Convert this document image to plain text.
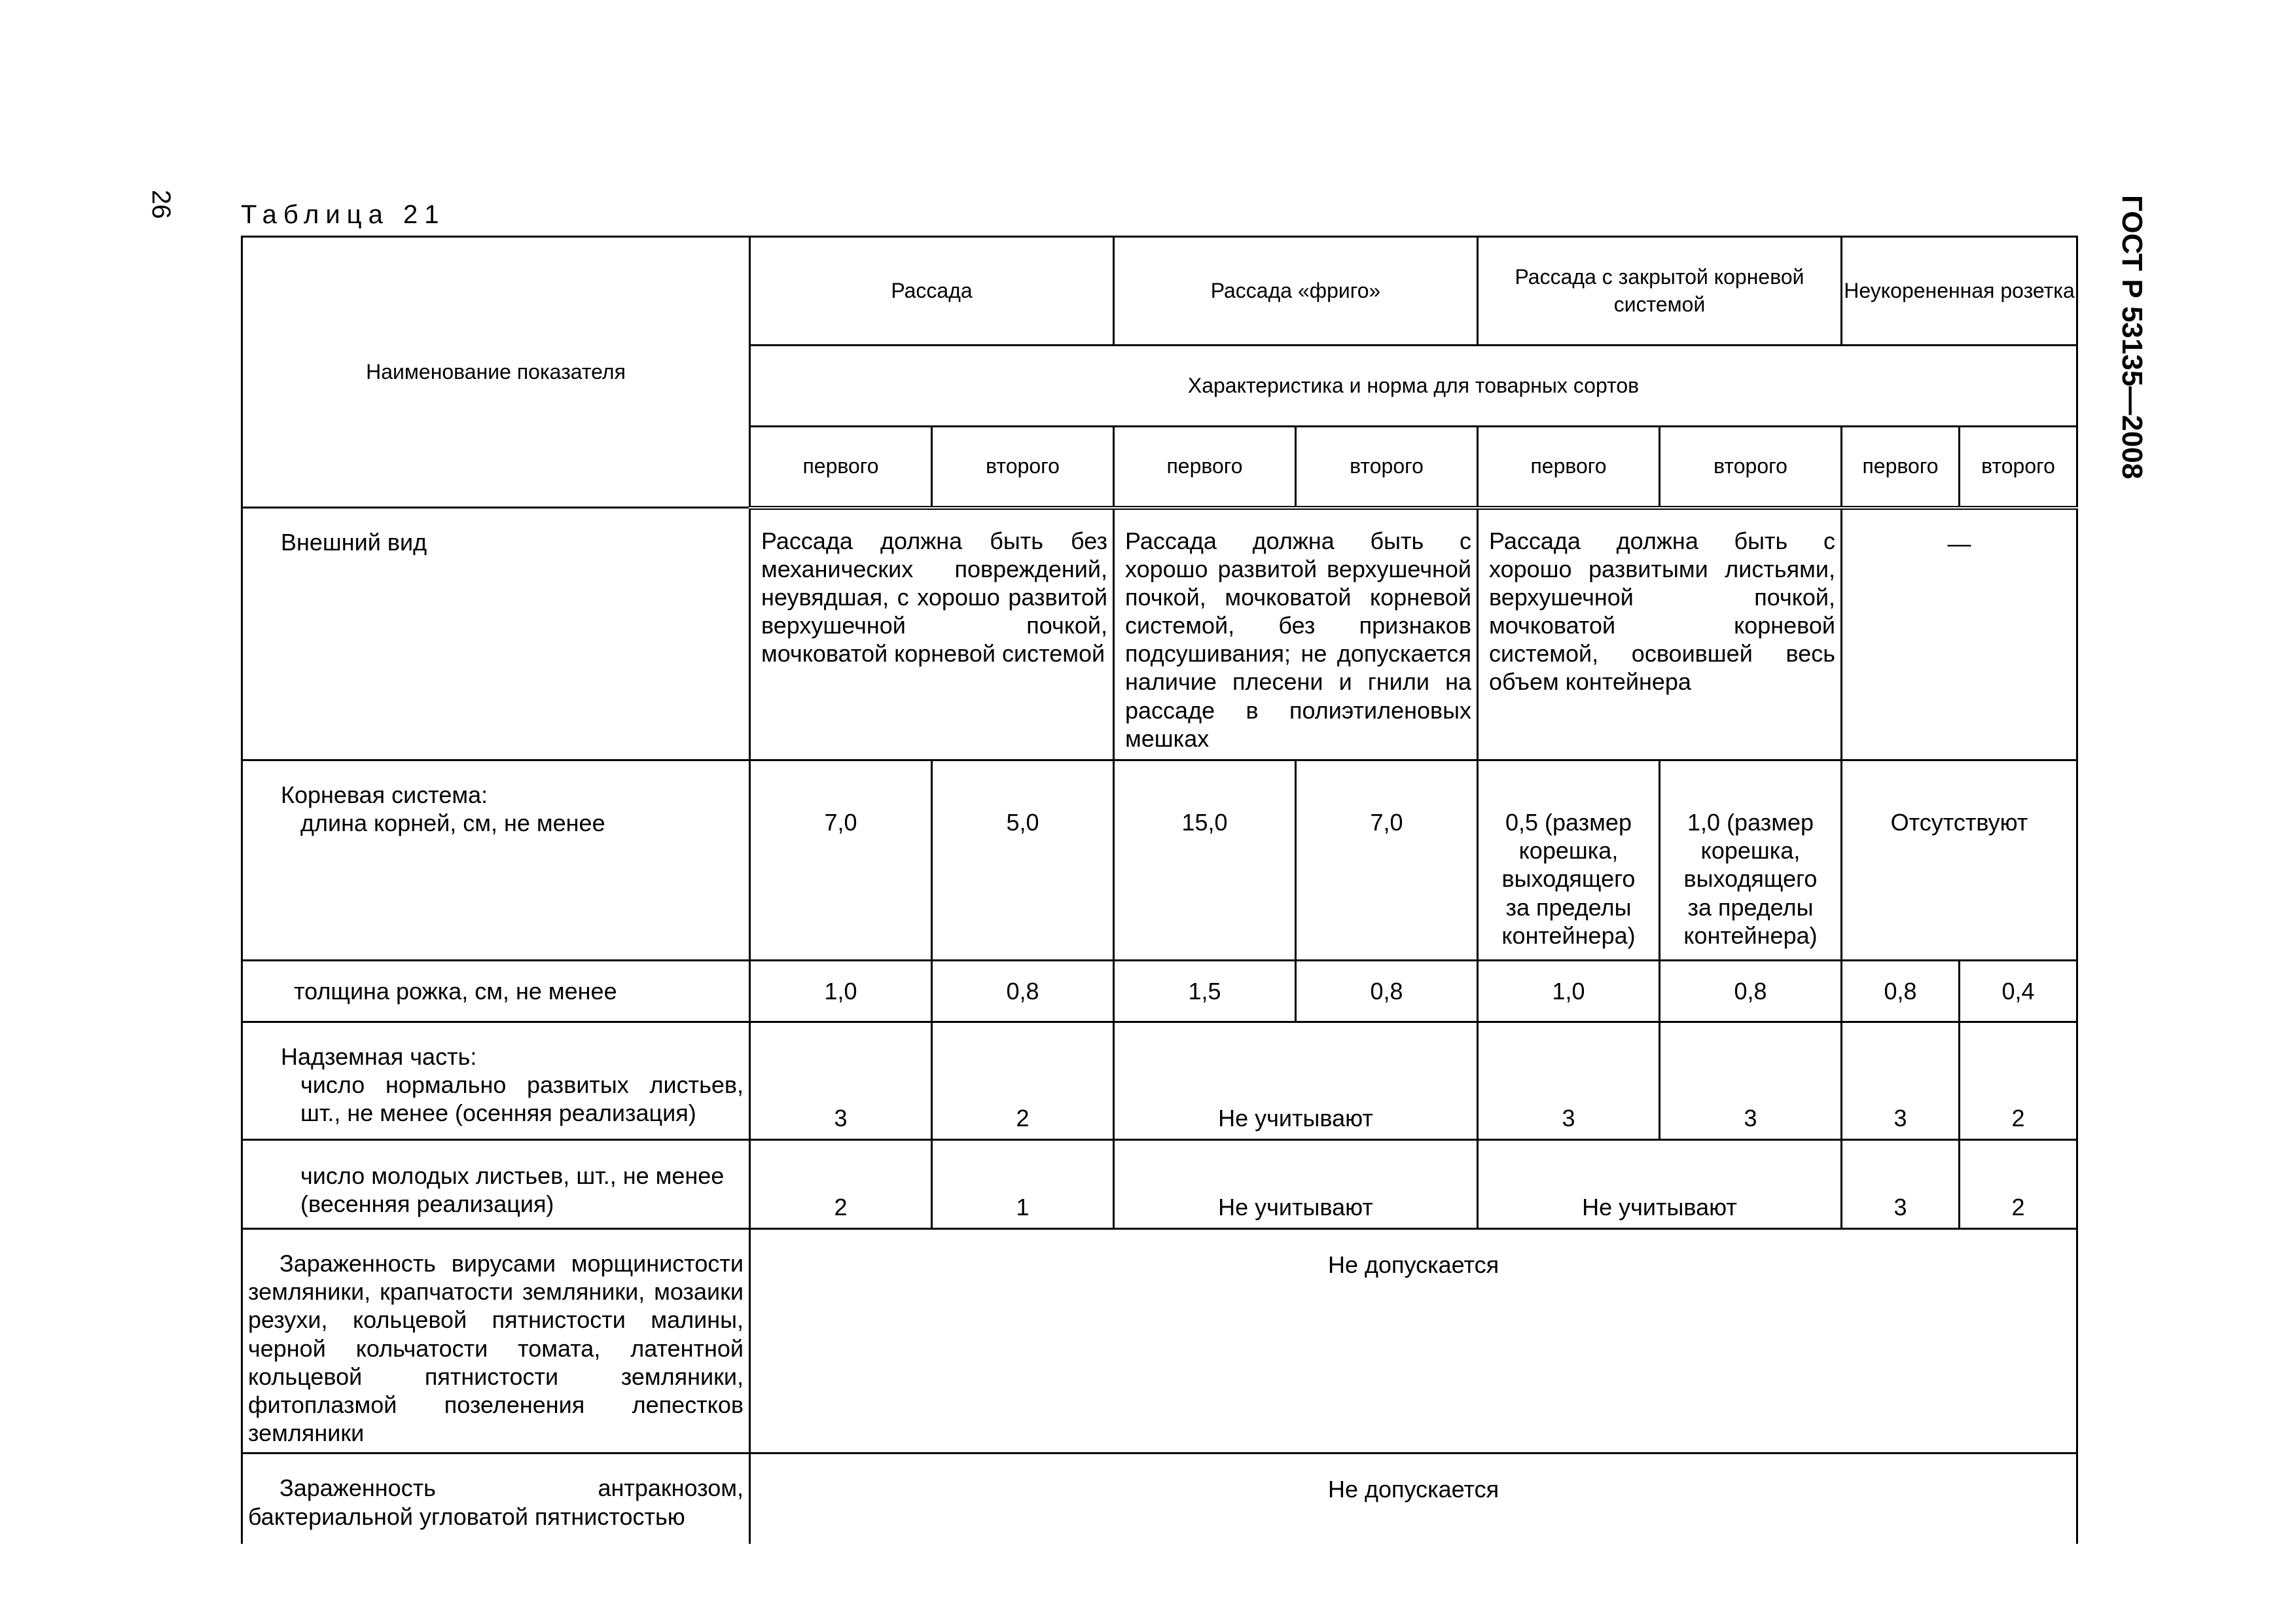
26	ГОСТ Р 53135—2008
Таблица 21
Наименование показателя	Рассада		Рассада «фриго»		Рассада с закрытой корневой системой		Неукорененная розетка	
	Характеристика и норма для товарных сортов							
	первого	второго	первого	второго	первого	второго	первого	второго

Внешний вид	Рассада должна быть без механических повреждений, неувядшая, с хорошо развитой верхушечной почкой, мочковатой корневой системой		Рассада должна быть с хорошо развитой верхушечной почкой, мочковатой корневой системой, без признаков подсушивания; не допускается наличие плесени и гнили на рассаде в полиэтиленовых мешках		Рассада должна быть с хорошо развитыми листьями, верхушечной почкой, мочковатой корневой системой, освоившей весь объем контейнера		—	

Корневая система:
длина корней, см, не менее	7,0	5,0	15,0	7,0	0,5 (размер корешка, выходящего за пределы контейнера)	1,0 (размер корешка, выходящего за пределы контейнера)	Отсутствуют	

толщина рожка, см, не менее	1,0	0,8	1,5	0,8	1,0	0,8	0,8	0,4

Надземная часть:
число нормально развитых листьев, шт., не менее (осенняя реализация)	3	2	Не учитывают		3	3	3	2

число молодых листьев, шт., не менее (весенняя реализация)	2	1	Не учитывают		Не учитывают		3	2
Зараженность вирусами морщинистости земляники, крапчатости земляники, мозаики резухи, кольцевой пятнистости малины, черной кольчатости томата, латентной кольцевой пятнистости земляники, фитоплазмой позеленения лепестков земляники	Не допускается							
Зараженность антракнозом, бактериальной угловатой пятнистостью	Не допускается							
